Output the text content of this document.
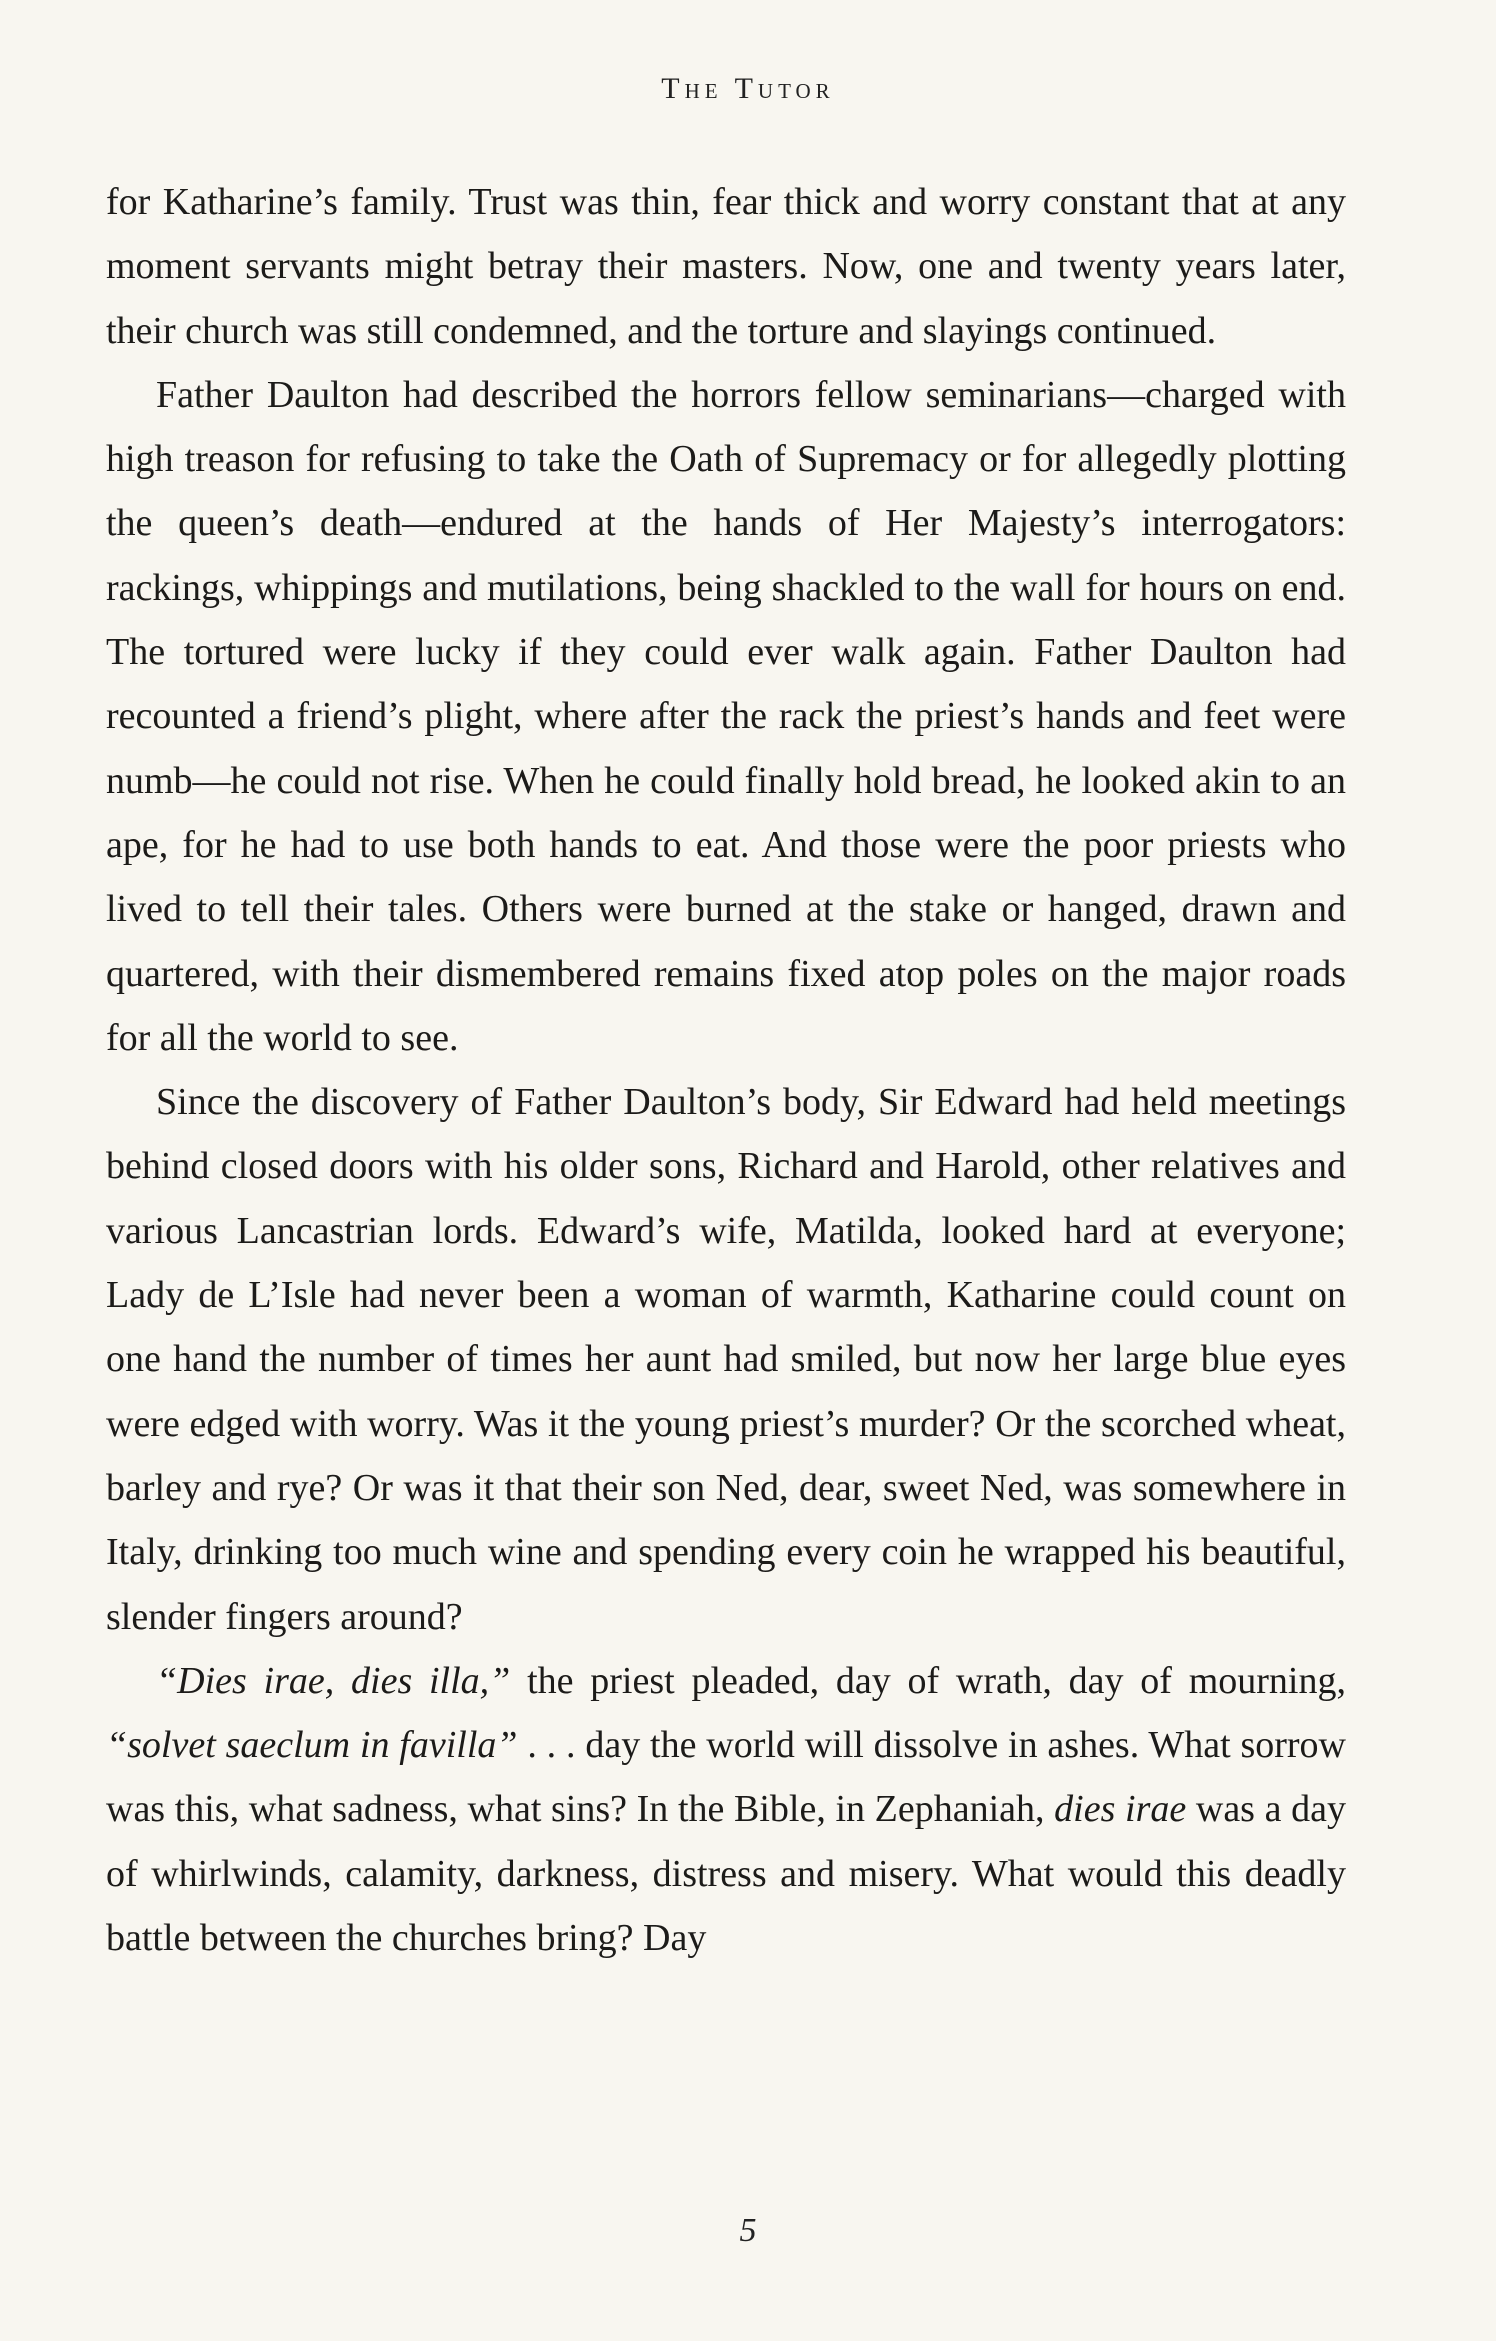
The Tutor

for Katharine’s family. Trust was thin, fear thick and worry constant that at any moment servants might betray their masters. Now, one and twenty years later, their church was still condemned, and the torture and slayings continued.

Father Daulton had described the horrors fellow seminarians—charged with high treason for refusing to take the Oath of Supremacy or for allegedly plotting the queen’s death—endured at the hands of Her Majesty’s interrogators: rackings, whippings and mutilations, being shackled to the wall for hours on end. The tortured were lucky if they could ever walk again. Father Daulton had recounted a friend’s plight, where after the rack the priest’s hands and feet were numb—he could not rise. When he could finally hold bread, he looked akin to an ape, for he had to use both hands to eat. And those were the poor priests who lived to tell their tales. Others were burned at the stake or hanged, drawn and quartered, with their dismembered remains fixed atop poles on the major roads for all the world to see.

Since the discovery of Father Daulton’s body, Sir Edward had held meetings behind closed doors with his older sons, Richard and Harold, other relatives and various Lancastrian lords. Edward’s wife, Matilda, looked hard at everyone; Lady de L’Isle had never been a woman of warmth, Katharine could count on one hand the number of times her aunt had smiled, but now her large blue eyes were edged with worry. Was it the young priest’s murder? Or the scorched wheat, barley and rye? Or was it that their son Ned, dear, sweet Ned, was somewhere in Italy, drinking too much wine and spending every coin he wrapped his beautiful, slender fingers around?

“Dies irae, dies illa,” the priest pleaded, day of wrath, day of mourning, “solvet saeclum in favilla” . . . day the world will dissolve in ashes. What sorrow was this, what sadness, what sins? In the Bible, in Zephaniah, dies irae was a day of whirlwinds, calamity, darkness, distress and misery. What would this deadly battle between the churches bring? Day

5
